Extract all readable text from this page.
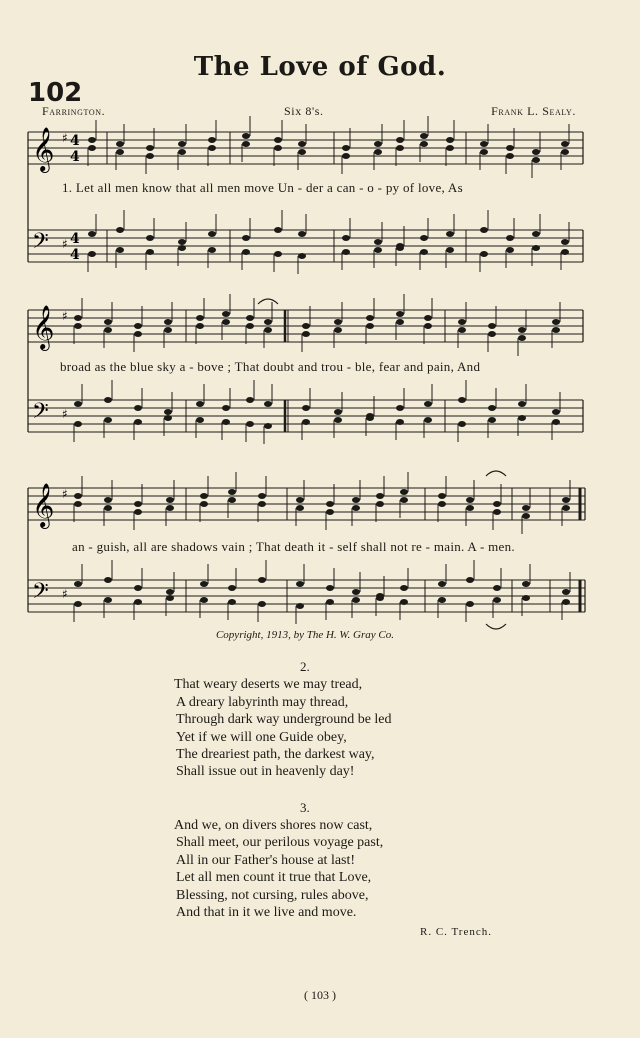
The Love of God.
102
Farrington.	Six 8's.	Frank L. Sealy.
𝄞
𝄢
♯
♯
4
4
4
4
𝄞
𝄢
♯
♯
𝄞
𝄢
♯
♯
1. Let all men know that all men move Un - der a can - o - py of love, As
broad as the blue sky a - bove ; That doubt and trou - ble, fear and pain, And
an - guish, all are shadows vain ; That death it - self shall not re - main. A - men.
Copyright, 1913, by The H. W. Gray Co.
2.
That weary deserts we may tread,
A dreary labyrinth may thread,
Through dark way underground be led
Yet if we will one Guide obey,
The dreariest path, the darkest way,
Shall issue out in heavenly day!
3.
And we, on divers shores now cast,
Shall meet, our perilous voyage past,
All in our Father's house at last!
Let all men count it true that Love,
Blessing, not cursing, rules above,
And that in it we live and move.
R. C. Trench.
( 103 )
